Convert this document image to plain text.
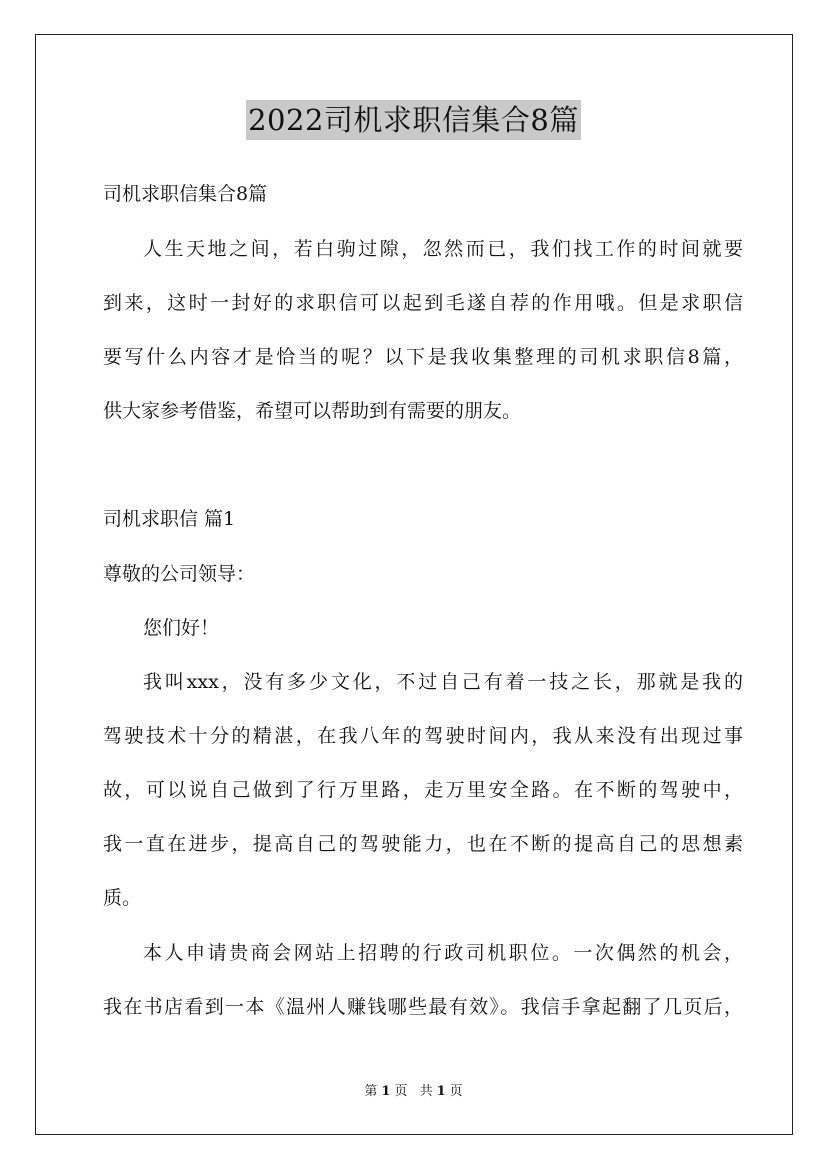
2022司机求职信集合8篇
司机求职信集合8篇
人生天地之间，若白驹过隙，忽然而已，我们找工作的时间就要
到来，这时一封好的求职信可以起到毛遂自荐的作用哦。但是求职信
要写什么内容才是恰当的呢？以下是我收集整理的司机求职信8篇，
供大家参考借鉴，希望可以帮助到有需要的朋友。
司机求职信 篇1
尊敬的公司领导：
您们好！
我叫xxx，没有多少文化，不过自己有着一技之长，那就是我的
驾驶技术十分的精湛，在我八年的驾驶时间内，我从来没有出现过事
故，可以说自己做到了行万里路，走万里安全路。在不断的驾驶中，
我一直在进步，提高自己的驾驶能力，也在不断的提高自己的思想素
质。
本人申请贵商会网站上招聘的行政司机职位。一次偶然的机会，
我在书店看到一本《温州人赚钱哪些最有效》。我信手拿起翻了几页后，
第 1 页 共 1 页
